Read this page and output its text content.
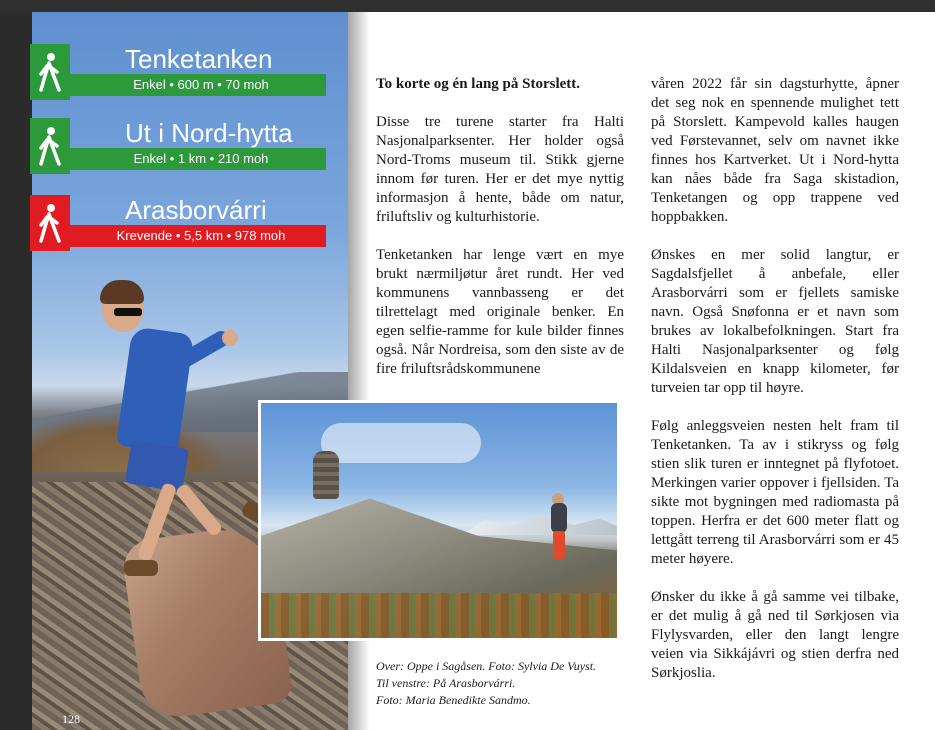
Tenketanken
Enkel • 600 m • 70 moh
Ut i Nord-hytta
Enkel • 1 km • 210 moh
Arasborvárri
Krevende • 5,5 km • 978 moh
128

To korte og én lang på Storslett.

Disse tre turene starter fra Halti Nasjonalparksenter. Her holder også Nord-Troms museum til. Stikk gjerne innom før turen. Her er det mye nyttig informasjon å hente, både om natur, friluftsliv og kulturhistorie.

Tenketanken har lenge vært en mye brukt nærmiljøtur året rundt. Her ved kommunens vannbasseng er det tilrettelagt med originale benker. En egen selfie-ramme for kule bilder finnes også. Når Nordreisa, som den siste av de fire friluftsrådskommunene

våren 2022 får sin dagsturhytte, åpner det seg nok en spennende mulighet tett på Storslett. Kampevold kalles haugen ved Førstevannet, selv om navnet ikke finnes hos Kartverket. Ut i Nord-hytta kan nåes både fra Saga skistadion, Tenketangen og opp trappene ved hoppbakken.

Ønskes en mer solid langtur, er Sagdalsfjellet å anbefale, eller Arasborvárri som er fjellets samiske navn. Også Snøfonna er et navn som brukes av lokalbefolkningen. Start fra Halti Nasjonalparksenter og følg Kildalsveien en knapp kilometer, før turveien tar opp til høyre.

Følg anleggsveien nesten helt fram til Tenketanken. Ta av i stikryss og følg stien slik turen er inntegnet på flyfotoet. Merkingen varier oppover i fjellsiden. Ta sikte mot bygningen med radiomasta på toppen. Herfra er det 600 meter flatt og lettgått terreng til Arasborvárri som er 45 meter høyere.

Ønsker du ikke å gå samme vei tilbake, er det mulig å gå ned til Sørkjosen via Flylysvarden, eller den langt lengre veien via Sikkájávri og stien derfra ned Sørkjoslia.

Over: Oppe i Sagåsen. Foto: Sylvia De Vuyst.
Til venstre: På Arasborvárri.
Foto: Maria Benedikte Sandmo.
